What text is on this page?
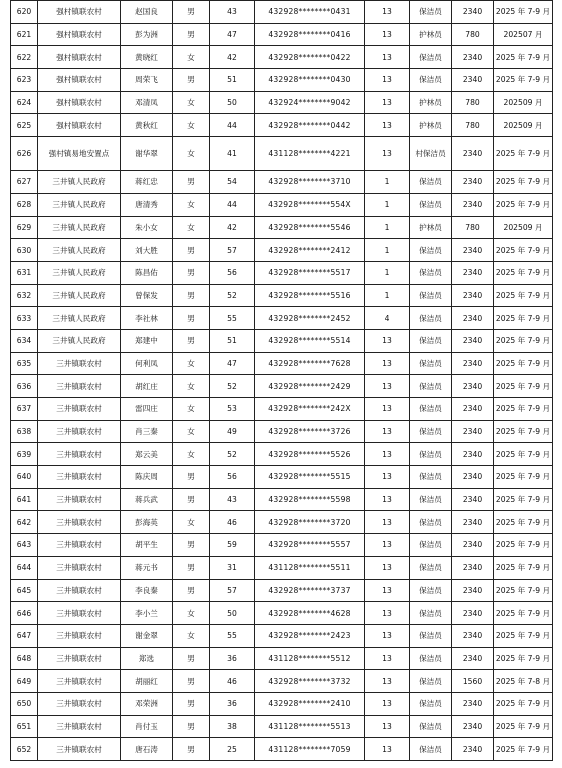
620	强村镇联农村	赵国良	男	43	432928********0431	13	保洁员	2340	2025 年 7-9 月
621	强村镇联农村	彭为洲	男	47	432928********0416	13	护林员	780	202507 月
622	强村镇联农村	黄晓红	女	42	432928********0422	13	保洁员	2340	2025 年 7-9 月
623	强村镇联农村	周荣飞	男	51	432928********0430	13	保洁员	2340	2025 年 7-9 月
624	强村镇联农村	邓清凤	女	50	432924********9042	13	护林员	780	202509 月
625	强村镇联农村	黄秋红	女	44	432928********0442	13	护林员	780	202509 月
626	强村镇易地安置点	谢华翠	女	41	431128********4221	13	村保洁员	2340	2025 年 7-9 月
627	三井镇人民政府	蒋红忠	男	54	432928********3710	1	保洁员	2340	2025 年 7-9 月
628	三井镇人民政府	唐清秀	女	44	432928********554X	1	保洁员	2340	2025 年 7-9 月
629	三井镇人民政府	朱小女	女	42	432928********5546	1	护林员	780	202509 月
630	三井镇人民政府	刘大胜	男	57	432928********2412	1	保洁员	2340	2025 年 7-9 月
631	三井镇人民政府	陈昌佑	男	56	432928********5517	1	保洁员	2340	2025 年 7-9 月
632	三井镇人民政府	曾保发	男	52	432928********5516	1	保洁员	2340	2025 年 7-9 月
633	三井镇人民政府	李社林	男	55	432928********2452	4	保洁员	2340	2025 年 7-9 月
634	三井镇人民政府	郑建中	男	51	432928********5514	13	保洁员	2340	2025 年 7-9 月
635	三井镇联农村	何利凤	女	47	432928********7628	13	保洁员	2340	2025 年 7-9 月
636	三井镇联农村	胡红庄	女	52	432928********2429	13	保洁员	2340	2025 年 7-9 月
637	三井镇联农村	雷四庄	女	53	432928********242X	13	保洁员	2340	2025 年 7-9 月
638	三井镇联农村	肖三秦	女	49	432928********3726	13	保洁员	2340	2025 年 7-9 月
639	三井镇联农村	郑云美	女	52	432928********5526	13	保洁员	2340	2025 年 7-9 月
640	三井镇联农村	陈庆周	男	56	432928********5515	13	保洁员	2340	2025 年 7-9 月
641	三井镇联农村	蒋兵武	男	43	432928********5598	13	保洁员	2340	2025 年 7-9 月
642	三井镇联农村	彭海英	女	46	432928********3720	13	保洁员	2340	2025 年 7-9 月
643	三井镇联农村	胡平生	男	59	432928********5557	13	保洁员	2340	2025 年 7-9 月
644	三井镇联农村	蒋元书	男	31	431128********5511	13	保洁员	2340	2025 年 7-9 月
645	三井镇联农村	李良秦	男	57	432928********3737	13	保洁员	2340	2025 年 7-9 月
646	三井镇联农村	李小兰	女	50	432928********4628	13	保洁员	2340	2025 年 7-9 月
647	三井镇联农村	谢金翠	女	55	432928********2423	13	保洁员	2340	2025 年 7-9 月
648	三井镇联农村	郑选	男	36	431128********5512	13	保洁员	2340	2025 年 7-9 月
649	三井镇联农村	胡丽红	男	46	432928********3732	13	保洁员	1560	2025 年 7-8 月
650	三井镇联农村	邓荣洲	男	36	432928********2410	13	保洁员	2340	2025 年 7-9 月
651	三井镇联农村	肖付玉	男	38	431128********5513	13	保洁员	2340	2025 年 7-9 月
652	三井镇联农村	唐石涛	男	25	431128********7059	13	保洁员	2340	2025 年 7-9 月
